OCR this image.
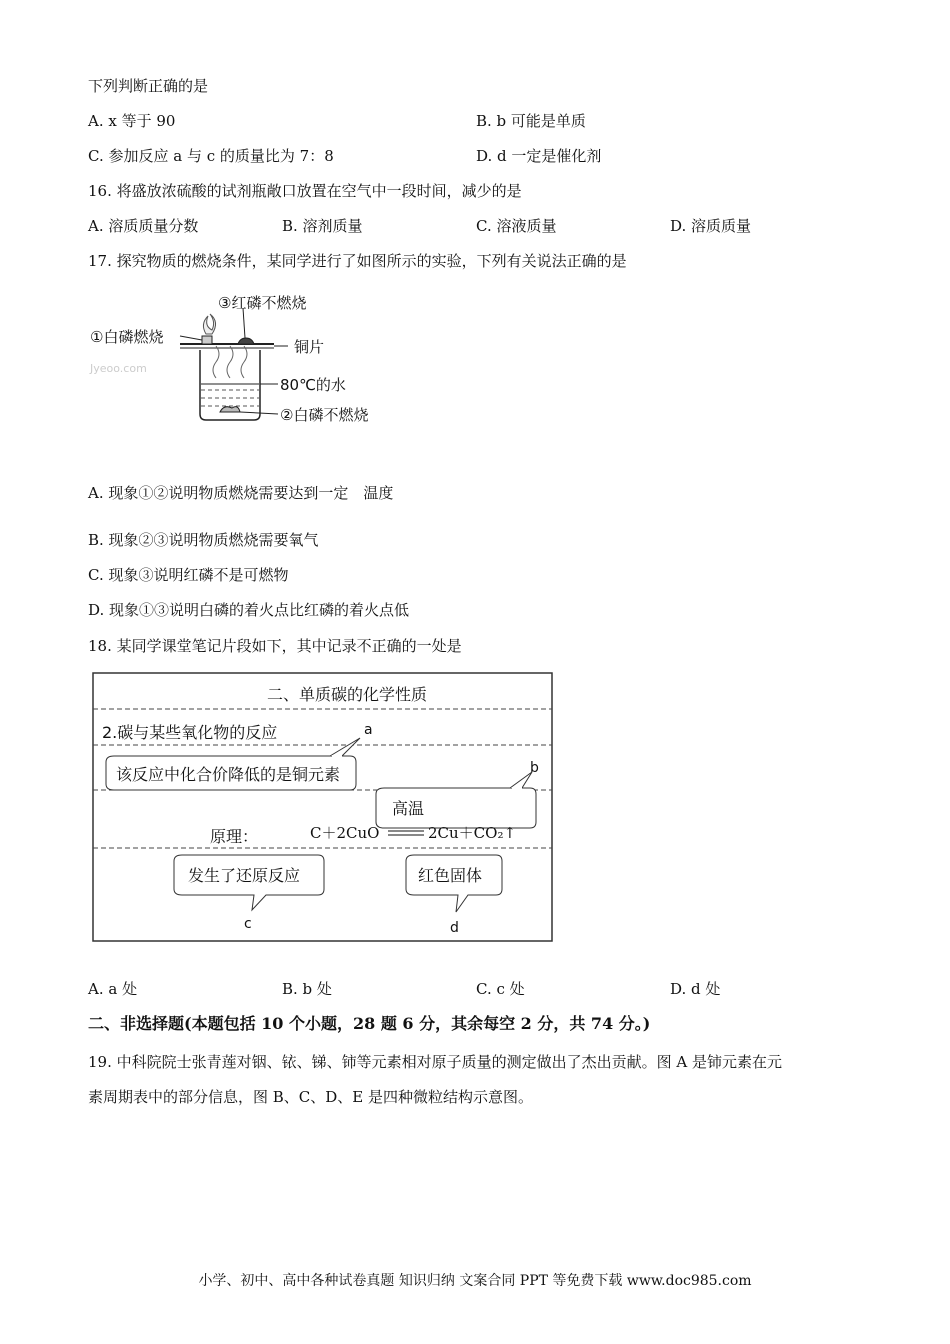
下列判断正确的是
A. x 等于 90	B. b 可能是单质
C. 参加反应 a 与 c 的质量比为 7：8	D. d 一定是催化剂
16. 将盛放浓硫酸的试剂瓶敞口放置在空气中一段时间，减少的是
A. 溶质质量分数	B. 溶剂质量	C. 溶液质量	D. 溶质质量
17. 探究物质的燃烧条件，某同学进行了如图所示的实验，下列有关说法正确的是
③红磷不燃烧
①白磷燃烧
铜片
80℃的水
②白磷不燃烧
Jyeoo.com
A. 现象①②说明物质燃烧需要达到一定　温度
B. 现象②③说明物质燃烧需要氧气
C. 现象③说明红磷不是可燃物
D. 现象①③说明白磷的着火点比红磷的着火点低
18. 某同学课堂笔记片段如下，其中记录不正确的一处是
二、单质碳的化学性质
2.碳与某些氧化物的反应
该反应中化合价降低的是铜元素
a
高温
b
原理：	C＋2CuO	2Cu＋CO₂↑
发生了还原反应
c
红色固体
d
A. a 处	B. b 处	C. c 处	D. d 处
二、非选择题(本题包括 10 个小题，28 题 6 分，其余每空 2 分，共 74 分。)
19. 中科院院士张青莲对铟、铱、锑、铈等元素相对原子质量的测定做出了杰出贡献。图 A 是铈元素在元
素周期表中的部分信息，图 B、C、D、E 是四种微粒结构示意图。
小学、初中、高中各种试卷真题 知识归纳 文案合同 PPT 等免费下载 www.doc985.com
